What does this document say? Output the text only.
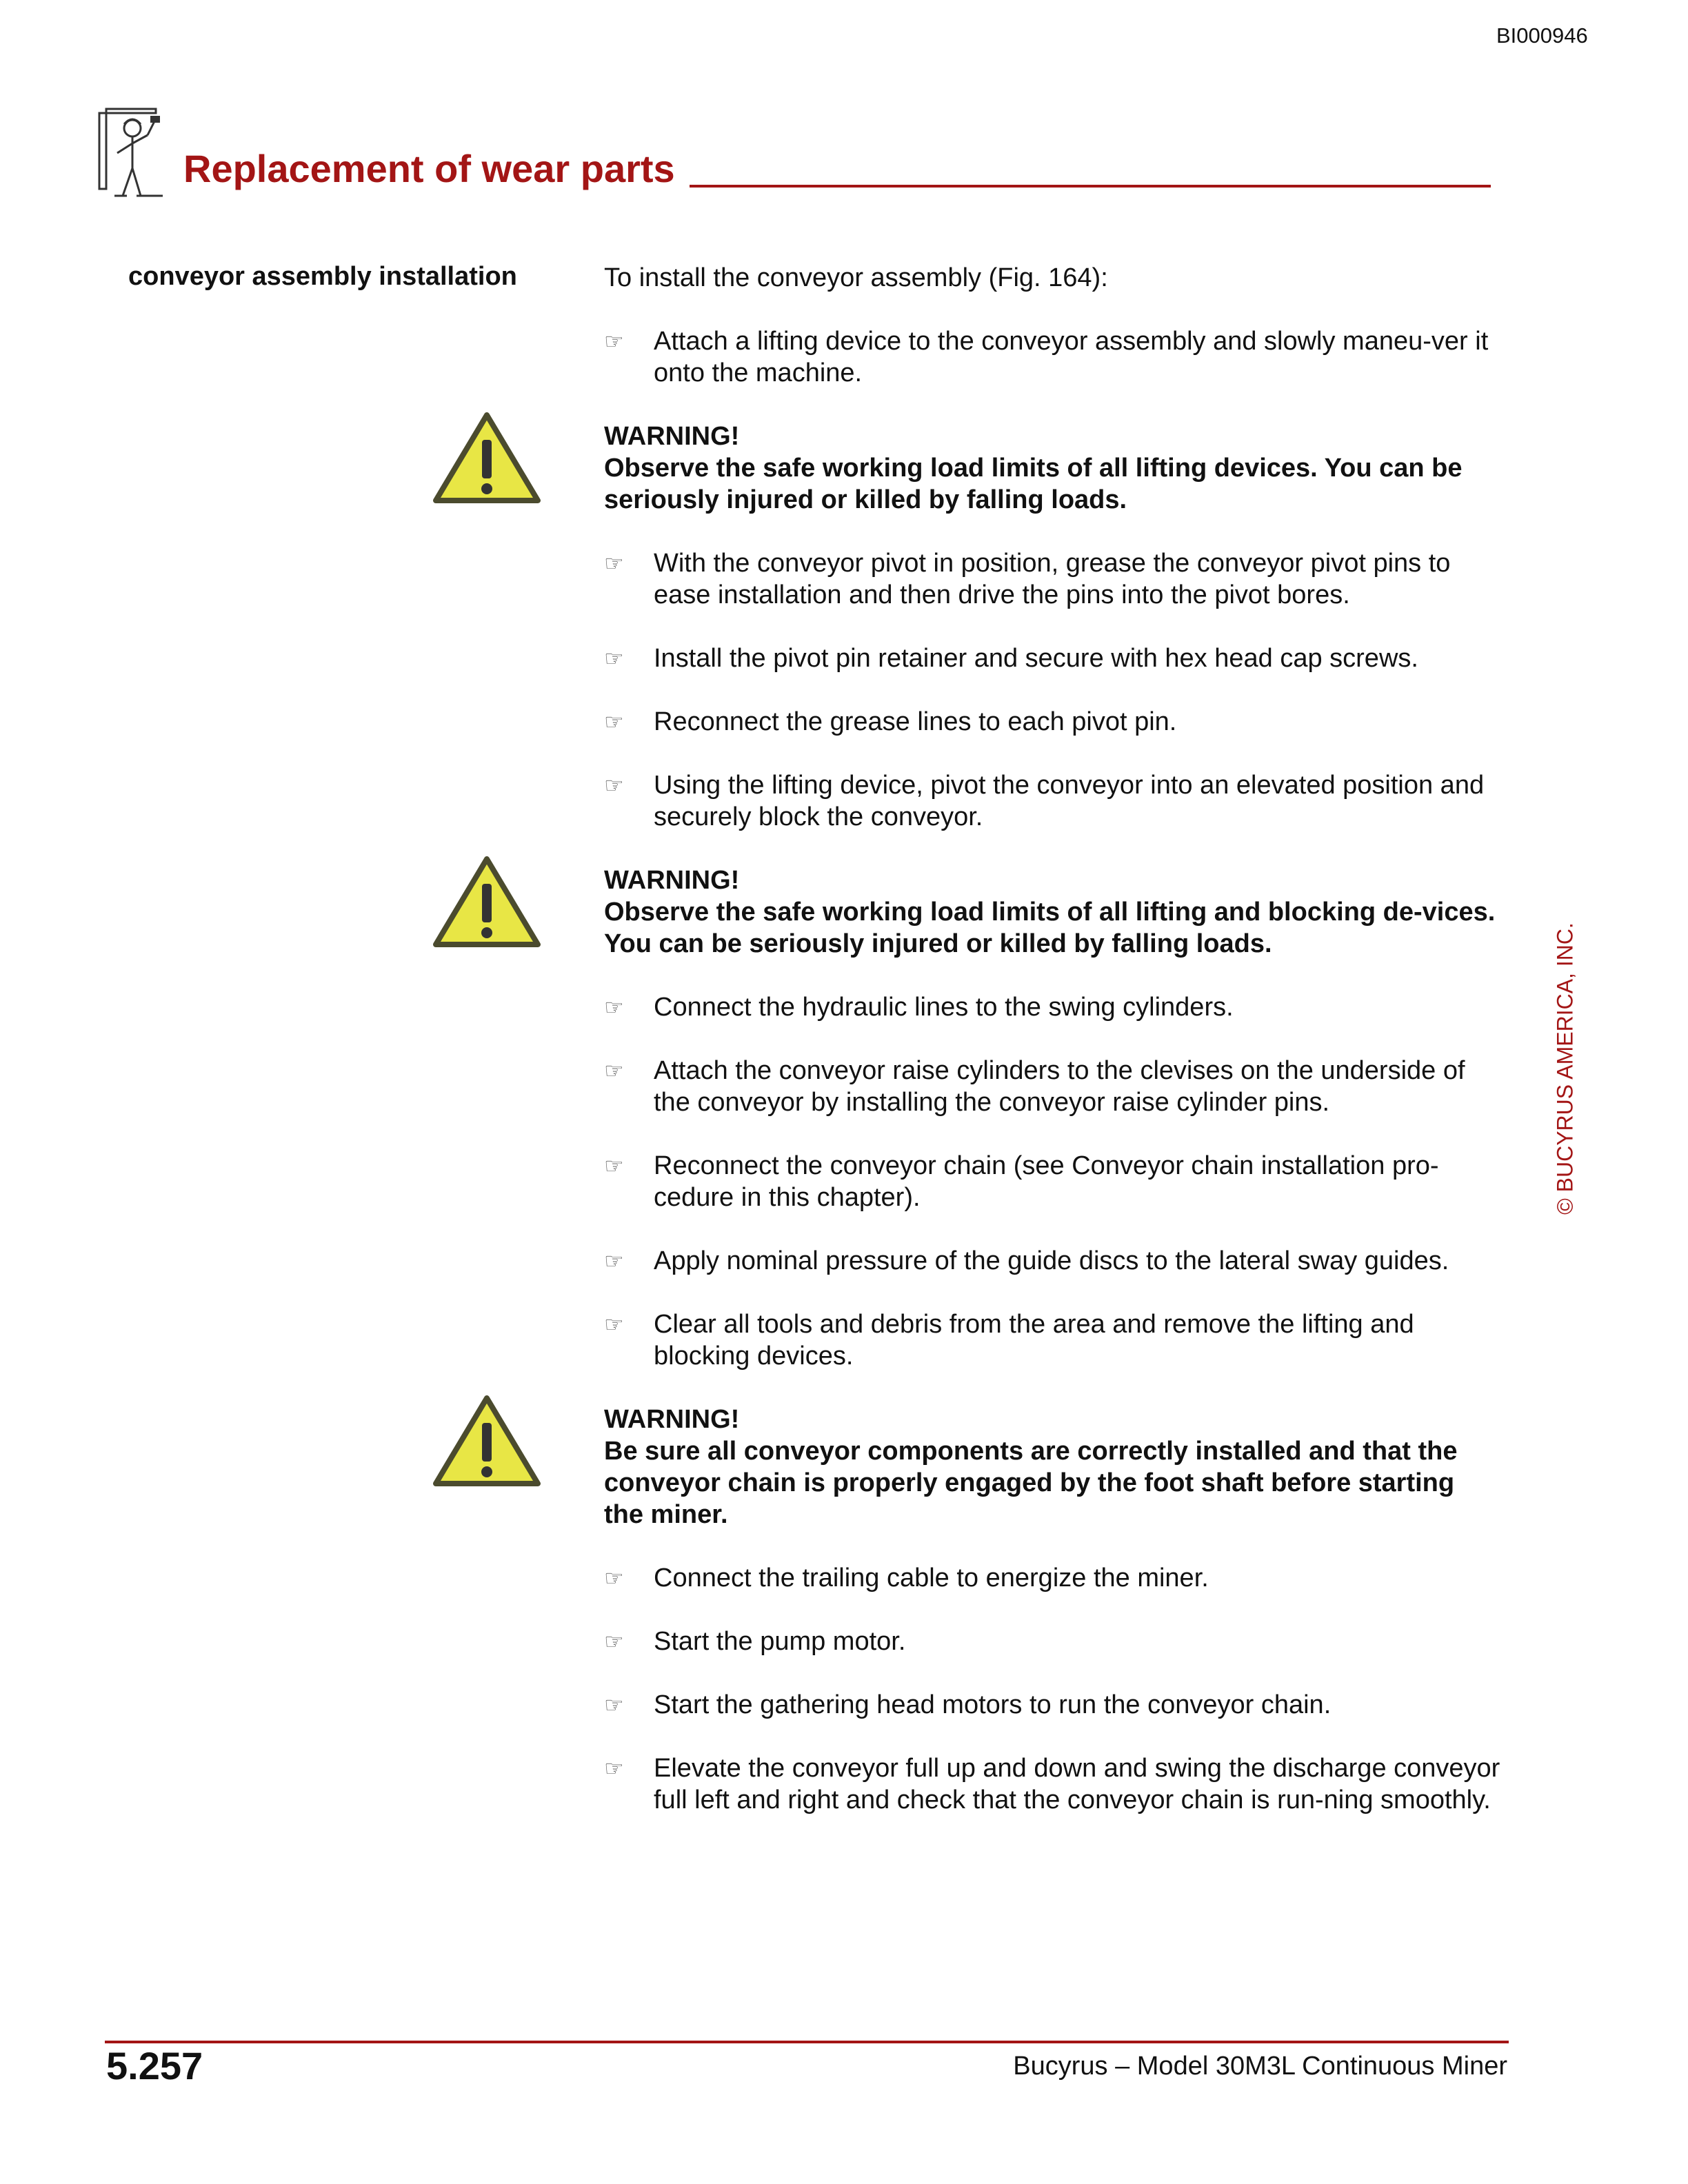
BI000946
Replacement of wear parts
conveyor assembly installation	To install the conveyor assembly (Fig. 164):

☞ Attach a lifting device to the conveyor assembly and slowly maneu-ver it onto the machine.
WARNING!
Observe the safe working load limits of all lifting devices. You can be seriously injured or killed by falling loads.
☞ With the conveyor pivot in position, grease the conveyor pivot pins to ease installation and then drive the pins into the pivot bores.
☞ Install the pivot pin retainer and secure with hex head cap screws.
☞ Reconnect the grease lines to each pivot pin.
☞ Using the lifting device, pivot the conveyor into an elevated position and securely block the conveyor.
WARNING!
Observe the safe working load limits of all lifting and blocking de-vices. You can be seriously injured or killed by falling loads.
☞ Connect the hydraulic lines to the swing cylinders.
☞ Attach the conveyor raise cylinders to the clevises on the underside of the conveyor by installing the conveyor raise cylinder pins.
☞ Reconnect the conveyor chain (see Conveyor chain installation pro-cedure in this chapter).
☞ Apply nominal pressure of the guide discs to the lateral sway guides.
☞ Clear all tools and debris from the area and remove the lifting and blocking devices.
WARNING!
Be sure all conveyor components are correctly installed and that the conveyor chain is properly engaged by the foot shaft before starting the miner.
☞ Connect the trailing cable to energize the miner.
☞ Start the pump motor.
☞ Start the gathering head motors to run the conveyor chain.
☞ Elevate the conveyor full up and down and swing the discharge conveyor full left and right and check that the conveyor chain is run-ning smoothly.
© BUCYRUS AMERICA, INC.
5.257	Bucyrus – Model 30M3L Continuous Miner
